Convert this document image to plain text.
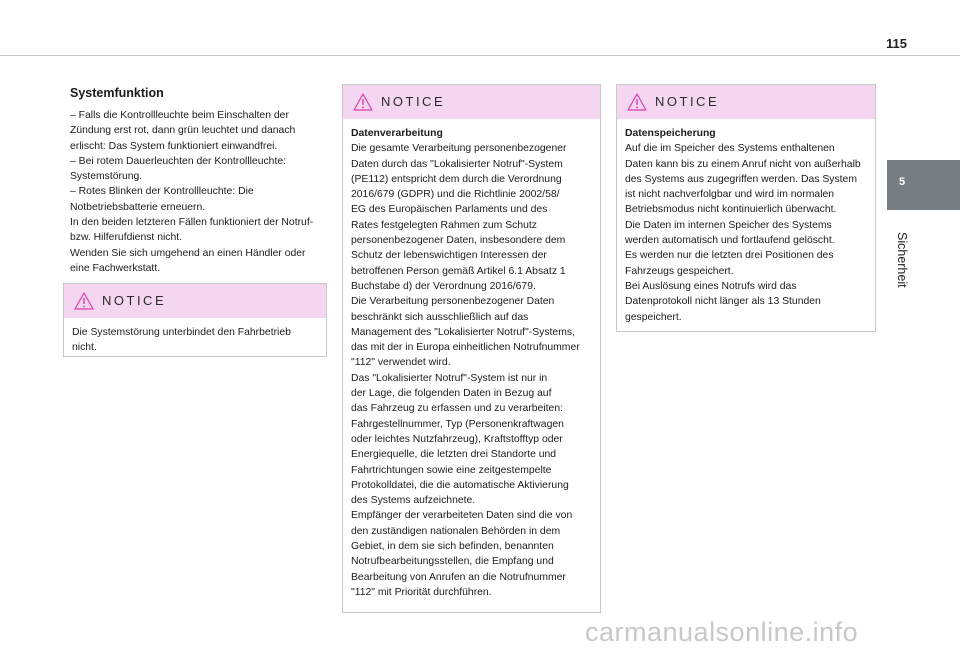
115
5
Sicherheit
Systemfunktion
– Falls die Kontrollleuchte beim Einschalten der
Zündung erst rot, dann grün leuchtet und danach
erlischt: Das System funktioniert einwandfrei.
– Bei rotem Dauerleuchten der Kontrollleuchte:
Systemstörung.
– Rotes Blinken der Kontrollleuchte: Die
Notbetriebsbatterie erneuern.
In den beiden letzteren Fällen funktioniert der Notruf-
bzw. Hilferufdienst nicht.
Wenden Sie sich umgehend an einen Händler oder
eine Fachwerkstatt.
NOTICE
Die Systemstörung unterbindet den Fahrbetrieb
nicht.
NOTICE
Datenverarbeitung
Die gesamte Verarbeitung personenbezogener
Daten durch das "Lokalisierter Notruf"-System
(PE112) entspricht dem durch die Verordnung
2016/679 (GDPR) und die Richtlinie 2002/58/
EG des Europäischen Parlaments und des
Rates festgelegten Rahmen zum Schutz
personenbezogener Daten, insbesondere dem
Schutz der lebenswichtigen Interessen der
betroffenen Person gemäß Artikel 6.1 Absatz 1
Buchstabe d) der Verordnung 2016/679.
Die Verarbeitung personenbezogener Daten
beschränkt sich ausschließlich auf das
Management des "Lokalisierter Notruf"-Systems,
das mit der in Europa einheitlichen Notrufnummer
"112" verwendet wird.
Das "Lokalisierter Notruf"-System ist nur in
der Lage, die folgenden Daten in Bezug auf
das Fahrzeug zu erfassen und zu verarbeiten:
Fahrgestellnummer, Typ (Personenkraftwagen
oder leichtes Nutzfahrzeug), Kraftstofftyp oder
Energiequelle, die letzten drei Standorte und
Fahrtrichtungen sowie eine zeitgestempelte
Protokolldatei, die die automatische Aktivierung
des Systems aufzeichnete.
Empfänger der verarbeiteten Daten sind die von
den zuständigen nationalen Behörden in dem
Gebiet, in dem sie sich befinden, benannten
Notrufbearbeitungsstellen, die Empfang und
Bearbeitung von Anrufen an die Notrufnummer
"112" mit Priorität durchführen.
NOTICE
Datenspeicherung
Auf die im Speicher des Systems enthaltenen
Daten kann bis zu einem Anruf nicht von außerhalb
des Systems aus zugegriffen werden. Das System
ist nicht nachverfolgbar und wird im normalen
Betriebsmodus nicht kontinuierlich überwacht.
Die Daten im internen Speicher des Systems
werden automatisch und fortlaufend gelöscht.
Es werden nur die letzten drei Positionen des
Fahrzeugs gespeichert.
Bei Auslösung eines Notrufs wird das
Datenprotokoll nicht länger als 13 Stunden
gespeichert.
carmanualsonline.info
